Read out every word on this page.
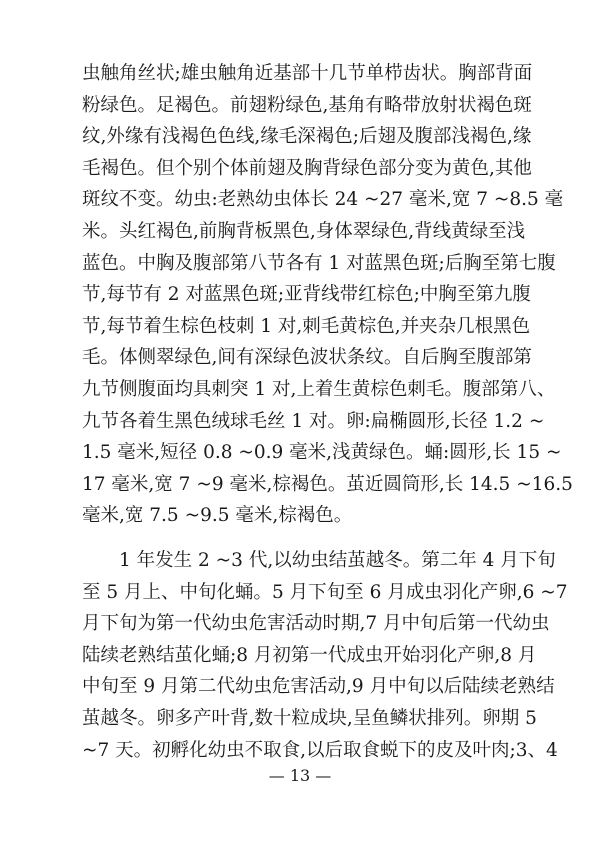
虫触角丝状;雄虫触角近基部十几节单栉齿状。胸部背面
粉绿色。足褐色。前翅粉绿色,基角有略带放射状褐色斑
纹,外缘有浅褐色色线,缘毛深褐色;后翅及腹部浅褐色,缘
毛褐色。但个别个体前翅及胸背绿色部分变为黄色,其他
斑纹不变。幼虫:老熟幼虫体长 24 ~27 毫米,宽 7 ~8.5 毫
米。头红褐色,前胸背板黑色,身体翠绿色,背线黄绿至浅
蓝色。中胸及腹部第八节各有 1 对蓝黑色斑;后胸至第七腹
节,每节有 2 对蓝黑色斑;亚背线带红棕色;中胸至第九腹
节,每节着生棕色枝刺 1 对,刺毛黄棕色,并夹杂几根黑色
毛。体侧翠绿色,间有深绿色波状条纹。自后胸至腹部第
九节侧腹面均具刺突 1 对,上着生黄棕色刺毛。腹部第八、
九节各着生黑色绒球毛丝 1 对。卵:扁椭圆形,长径 1.2 ~
1.5 毫米,短径 0.8 ~0.9 毫米,浅黄绿色。蛹:圆形,长 15 ~
17 毫米,宽 7 ~9 毫米,棕褐色。茧近圆筒形,长 14.5 ~16.5
毫米,宽 7.5 ~9.5 毫米,棕褐色。
1 年发生 2 ~3 代,以幼虫结茧越冬。第二年 4 月下旬
至 5 月上、中旬化蛹。5 月下旬至 6 月成虫羽化产卵,6 ~7
月下旬为第一代幼虫危害活动时期,7 月中旬后第一代幼虫
陆续老熟结茧化蛹;8 月初第一代成虫开始羽化产卵,8 月
中旬至 9 月第二代幼虫危害活动,9 月中旬以后陆续老熟结
茧越冬。卵多产叶背,数十粒成块,呈鱼鳞状排列。卵期 5
~7 天。初孵化幼虫不取食,以后取食蜕下的皮及叶肉;3、4
— 13 —
